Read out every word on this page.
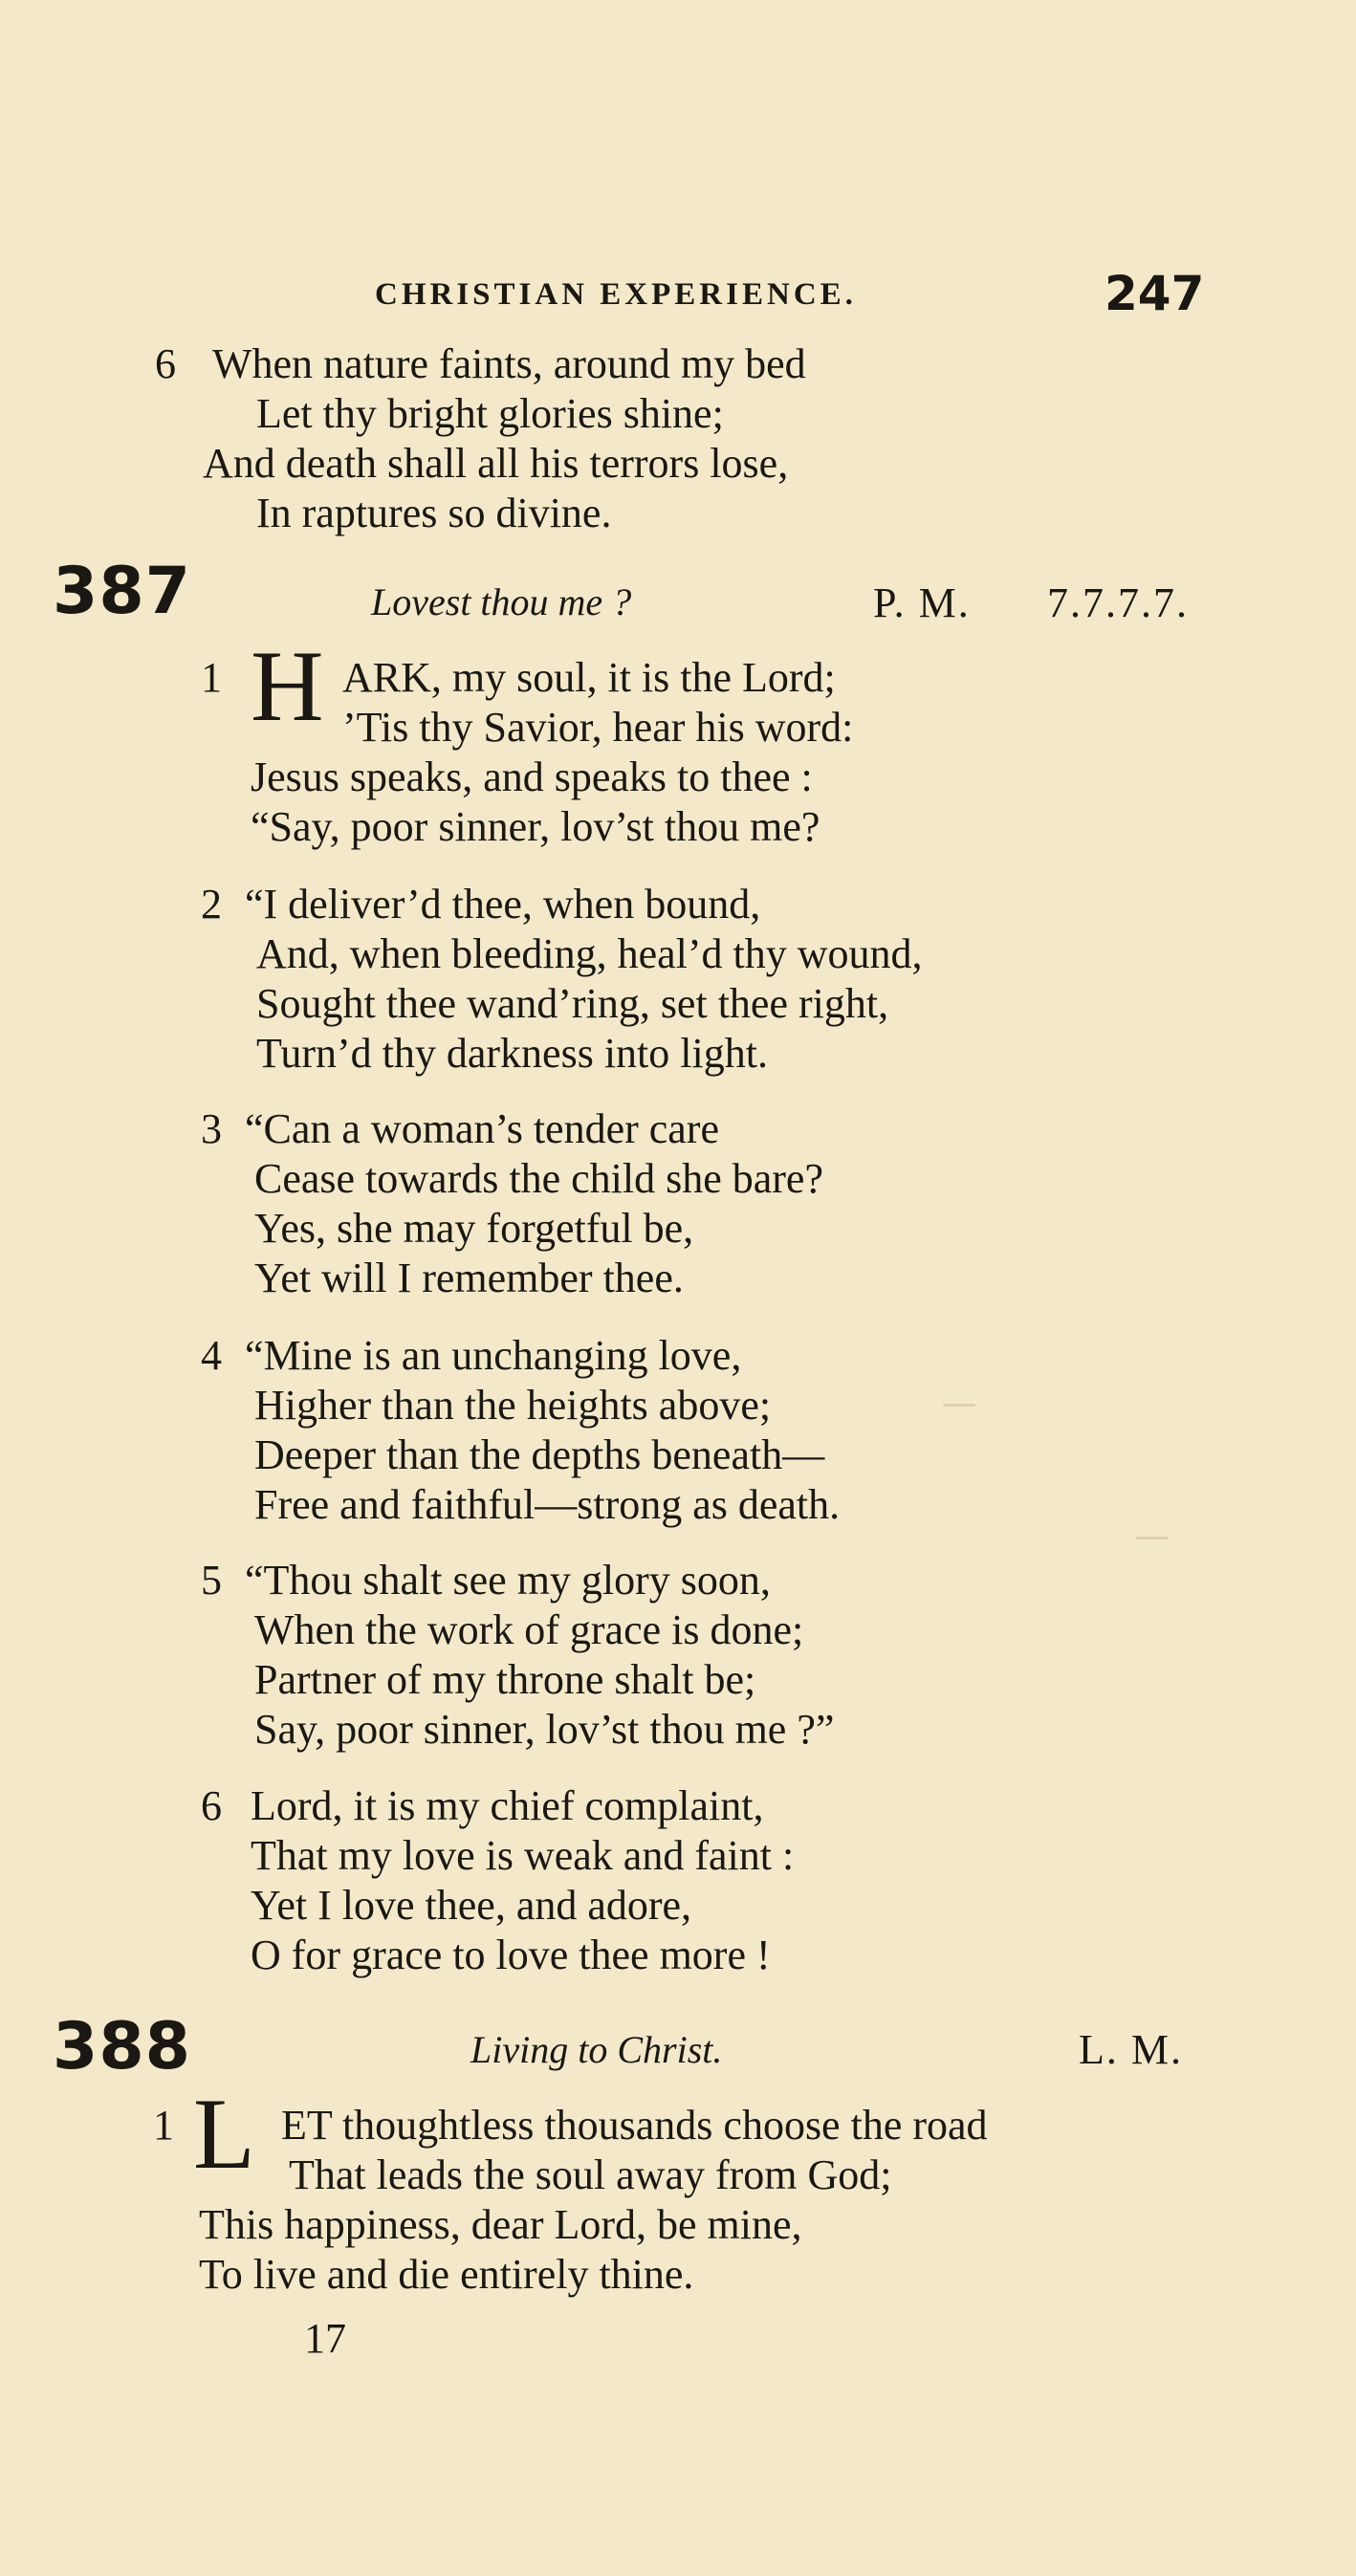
CHRISTIAN EXPERIENCE.	247
6 When nature faints, around my bed
Let thy bright glories shine;
And death shall all his terrors lose,
In raptures so divine.
387	Lovest thou me ?	P. M. 7.7.7.7.
1 H ARK, my soul, it is the Lord;
’Tis thy Savior, hear his word:
Jesus speaks, and speaks to thee :
“Say, poor sinner, lov’st thou me?
2 “I deliver’d thee, when bound,
And, when bleeding, heal’d thy wound,
Sought thee wand’ring, set thee right,
Turn’d thy darkness into light.
3 “Can a woman’s tender care
Cease towards the child she bare?
Yes, she may forgetful be,
Yet will I remember thee.
4 “Mine is an unchanging love,
Higher than the heights above;
Deeper than the depths beneath—
Free and faithful—strong as death.
5 “Thou shalt see my glory soon,
When the work of grace is done;
Partner of my throne shalt be;
Say, poor sinner, lov’st thou me ?”
6 Lord, it is my chief complaint,
That my love is weak and faint :
Yet I love thee, and adore,
O for grace to love thee more !
388	Living to Christ.	L. M.
1 L ET thoughtless thousands choose the road
That leads the soul away from God;
This happiness, dear Lord, be mine,
To live and die entirely thine.
17
